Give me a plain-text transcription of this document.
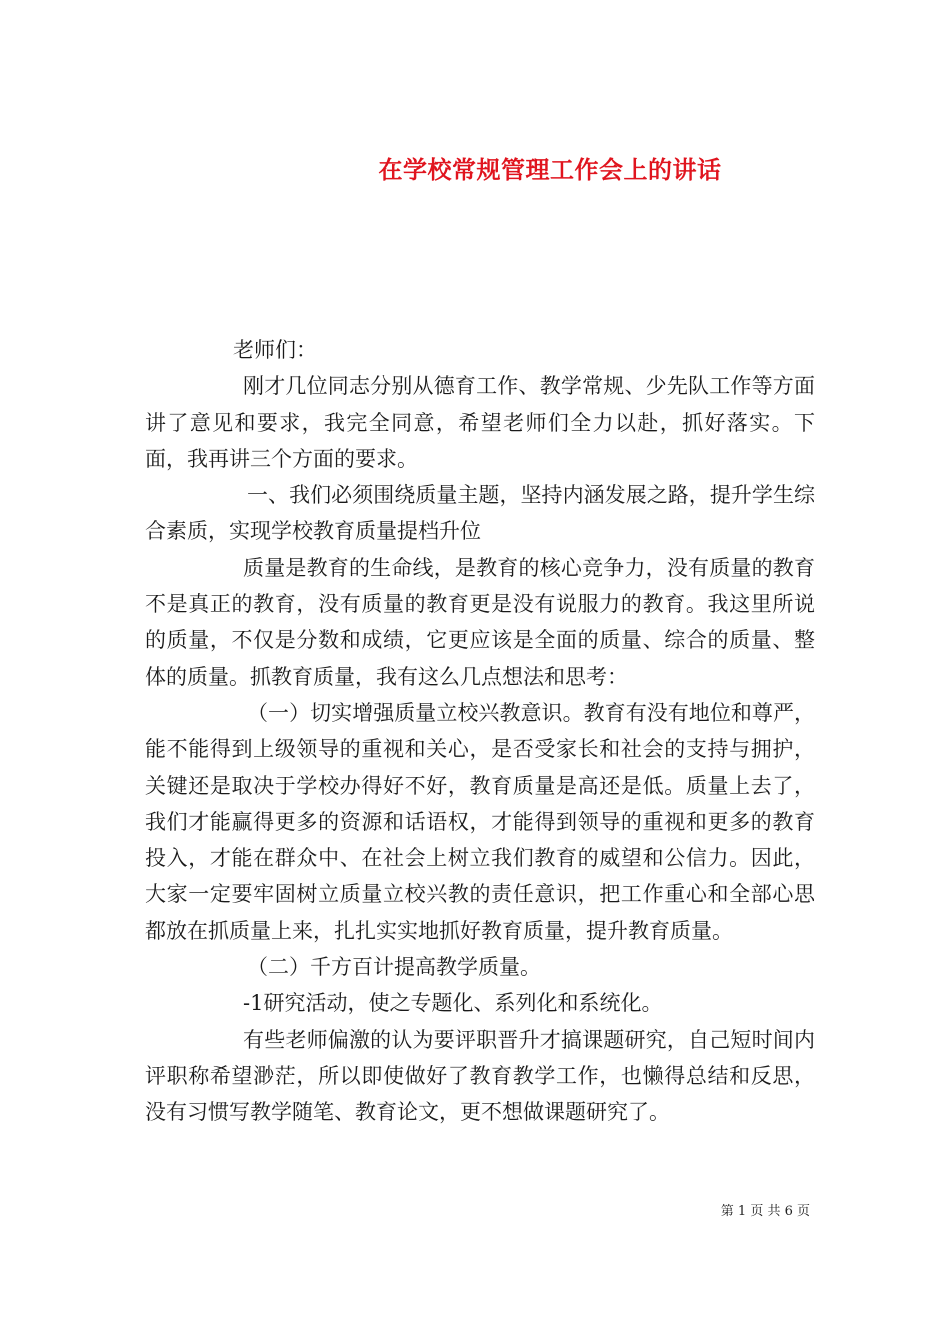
在学校常规管理工作会上的讲话

老师们：

刚才几位同志分别从德育工作、教学常规、少先队工作等方面讲了意见和要求，我完全同意，希望老师们全力以赴，抓好落实。下面，我再讲三个方面的要求。

一、我们必须围绕质量主题，坚持内涵发展之路，提升学生综合素质，实现学校教育质量提档升位

质量是教育的生命线，是教育的核心竞争力，没有质量的教育不是真正的教育，没有质量的教育更是没有说服力的教育。我这里所说的质量，不仅是分数和成绩，它更应该是全面的质量、综合的质量、整体的质量。抓教育质量，我有这么几点想法和思考：

（一）切实增强质量立校兴教意识。教育有没有地位和尊严，能不能得到上级领导的重视和关心，是否受家长和社会的支持与拥护，关键还是取决于学校办得好不好，教育质量是高还是低。质量上去了，我们才能赢得更多的资源和话语权，才能得到领导的重视和更多的教育投入，才能在群众中、在社会上树立我们教育的威望和公信力。因此，大家一定要牢固树立质量立校兴教的责任意识，把工作重心和全部心思都放在抓质量上来，扎扎实实地抓好教育质量，提升教育质量。

（二）千方百计提高教学质量。

-1研究活动，使之专题化、系列化和系统化。

有些老师偏激的认为要评职晋升才搞课题研究，自己短时间内评职称希望渺茫，所以即使做好了教育教学工作，也懒得总结和反思，没有习惯写教学随笔、教育论文，更不想做课题研究了。

第 1 页 共 6 页
